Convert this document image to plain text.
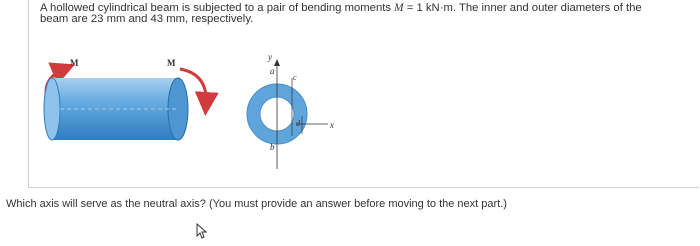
A hollowed cylindrical beam is subjected to a pair of bending moments M = 1 kN·m. The inner and outer diameters of the
beam are 23 mm and 43 mm, respectively.
M	M
y
a
c
d	x
b
Which axis will serve as the neutral axis? (You must provide an answer before moving to the next part.)
